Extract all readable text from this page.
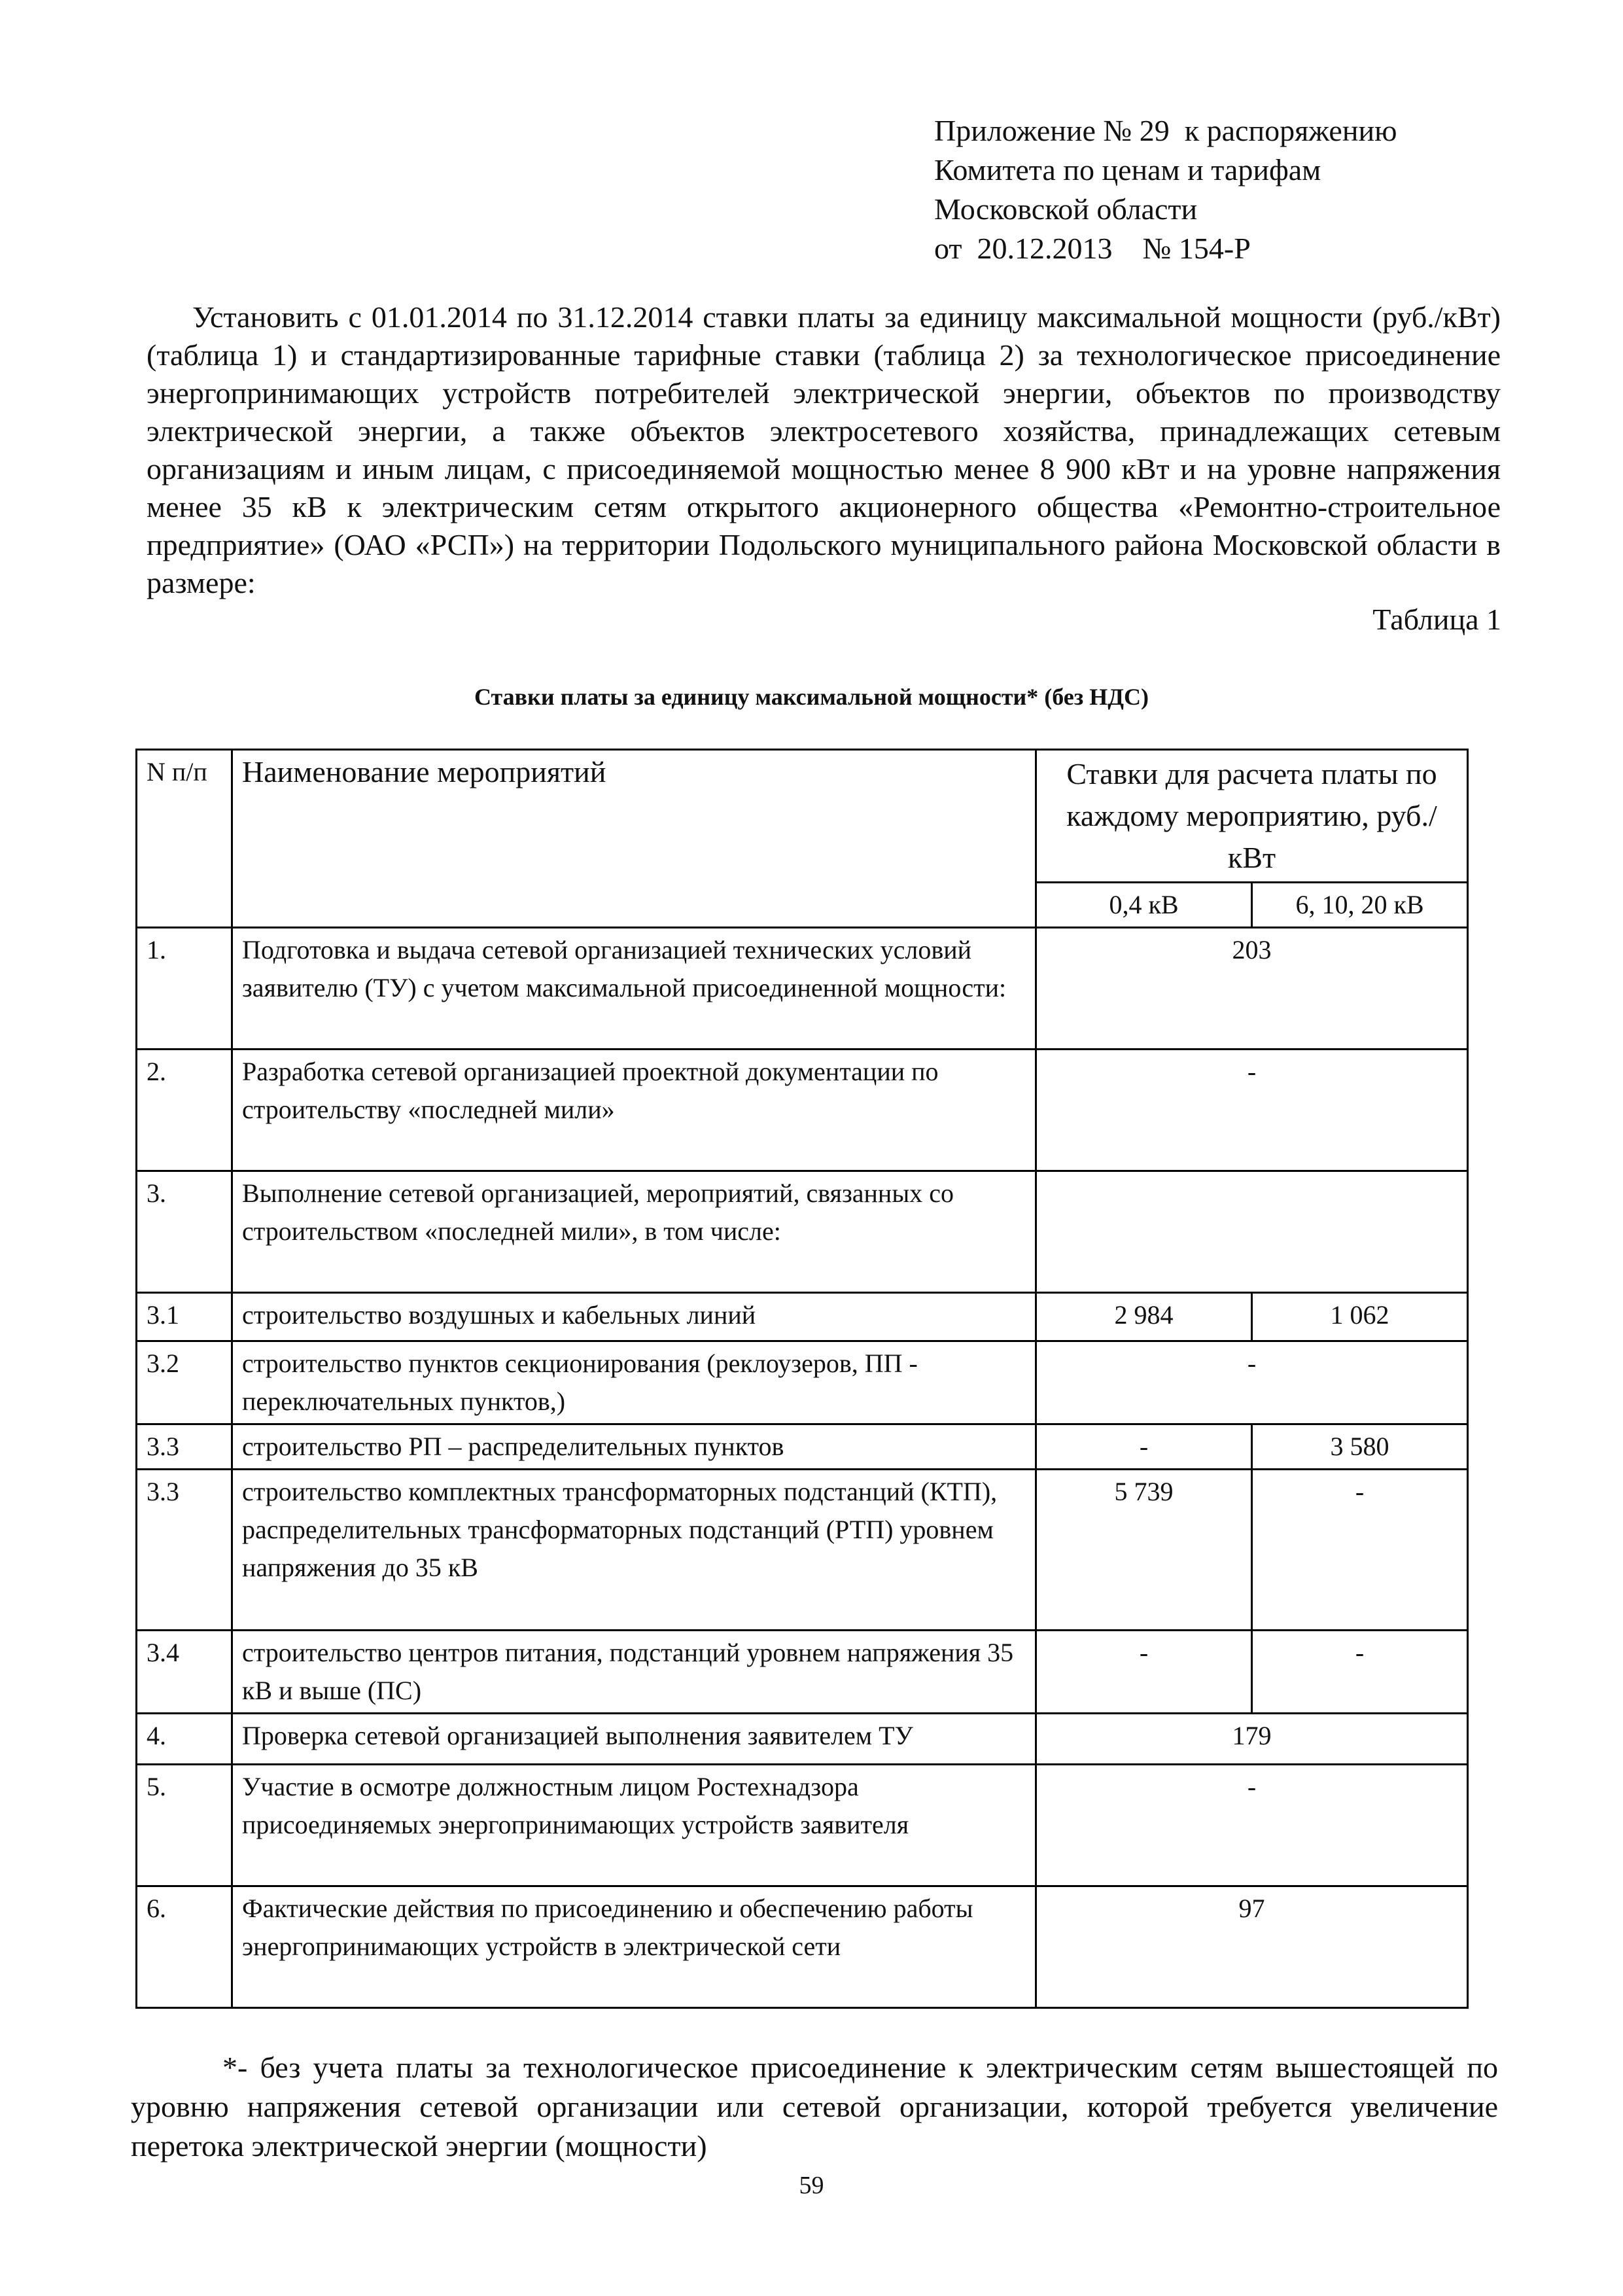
Приложение № 29  к распоряжению
Комитета по ценам и тарифам
Московской области
от  20.12.2013    № 154-Р
Установить с 01.01.2014 по 31.12.2014 ставки платы за единицу максимальной мощности (руб./кВт) (таблица 1) и стандартизированные тарифные ставки (таблица 2) за технологическое присоединение энергопринимающих устройств потребителей электрической энергии, объектов по производству электрической энергии, а также объектов электросетевого хозяйства, принадлежащих сетевым организациям и иным лицам, с присоединяемой мощностью менее 8 900 кВт и на уровне напряжения менее 35 кВ к электрическим сетям открытого акционерного общества «Ремонтно-строительное предприятие» (ОАО «РСП») на территории Подольского муниципального района Московской области в размере:
Таблица 1
Ставки платы за единицу максимальной мощности* (без НДС)
N п/п	Наименование мероприятий	Ставки для расчета платы по каждому мероприятию, руб./кВт	
		0,4 кВ	6, 10, 20 кВ
1.	Подготовка и выдача сетевой организацией технических условий заявителю (ТУ) с учетом максимальной присоединенной мощности:	203	
2.	Разработка сетевой организацией проектной документации по строительству «последней мили»	-	
3.	Выполнение сетевой организацией, мероприятий, связанных со строительством «последней мили», в том числе:		
3.1	строительство воздушных и кабельных линий	2 984	1 062
3.2	строительство пунктов секционирования (реклоузеров, ПП - переключательных пунктов,)	-	
3.3	строительство РП – распределительных пунктов	-	3 580
3.3	строительство комплектных трансформаторных подстанций (КТП), распределительных трансформаторных подстанций (РТП) уровнем напряжения до 35 кВ	5 739	-
3.4	строительство центров питания, подстанций уровнем напряжения 35 кВ и выше (ПС)	-	-
4.	Проверка сетевой организацией выполнения заявителем ТУ	179	
5.	Участие в осмотре должностным лицом Ростехнадзора присоединяемых энергопринимающих устройств заявителя	-	
6.	Фактические действия по присоединению и обеспечению работы энергопринимающих устройств в электрической сети	97	
*- без учета платы за технологическое присоединение к электрическим сетям вышестоящей по уровню напряжения сетевой организации или сетевой организации, которой требуется увеличение перетока электрической энергии (мощности)
59
